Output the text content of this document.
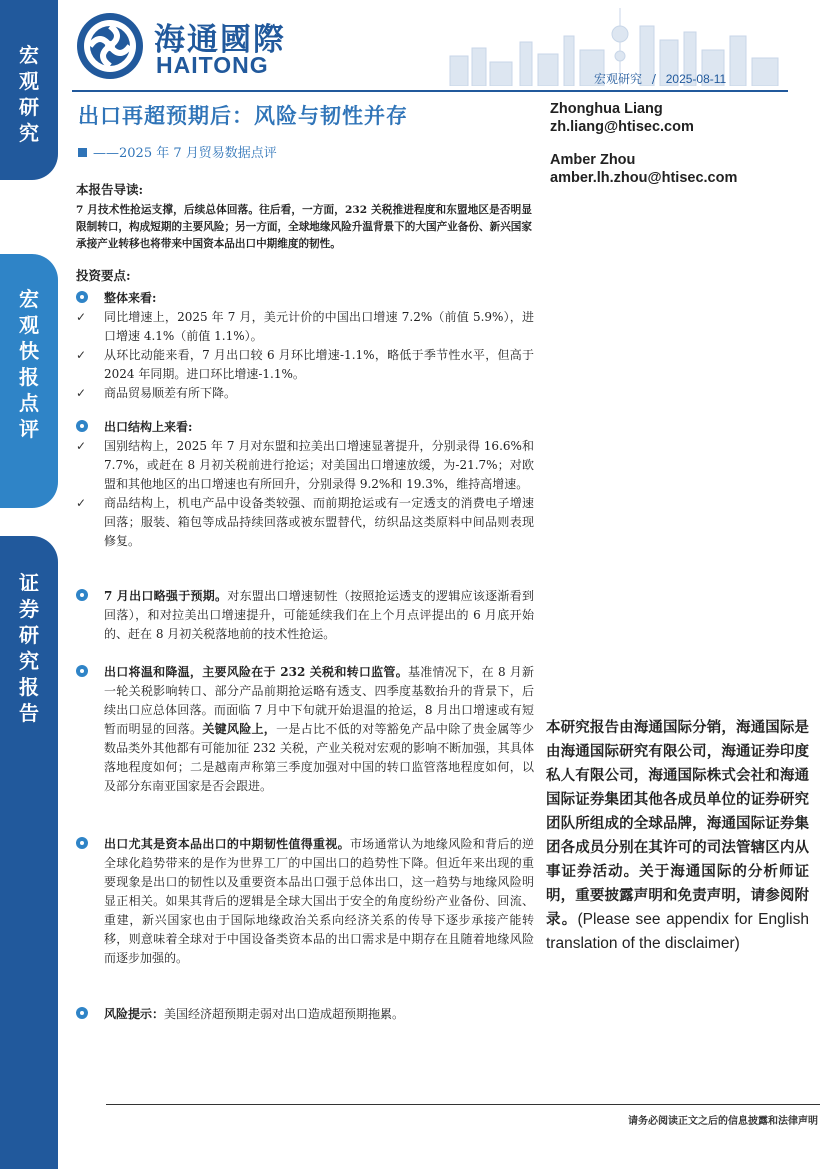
宏
观
研
究
宏
观
快
报
点
评
证
券
研
究
报
告
海通國際
HAITONG
宏观研究 / 2025-08-11
出口再超预期后：风险与韧性并存
——2025 年 7 月贸易数据点评
Zhonghua Liang
zh.liang@htisec.com
Amber Zhou
amber.lh.zhou@htisec.com
本报告导读:
7 月技术性抢运支撑，后续总体回落。往后看，一方面，232 关税推进程度和东盟地区是否明显限制转口，构成短期的主要风险；另一方面，全球地缘风险升温背景下的大国产业备份、新兴国家承接产业转移也将带来中国资本品出口中期维度的韧性。
投资要点:
整体来看:
✓ 同比增速上，2025 年 7 月，美元计价的中国出口增速 7.2%（前值 5.9%），进口增速 4.1%（前值 1.1%）。
✓ 从环比动能来看，7 月出口较 6 月环比增速-1.1%，略低于季节性水平，但高于 2024 年同期。进口环比增速-1.1%。
✓ 商品贸易顺差有所下降。
出口结构上来看:
✓ 国别结构上，2025 年 7 月对东盟和拉美出口增速显著提升，分别录得 16.6%和 7.7%，或赶在 8 月初关税前进行抢运；对美国出口增速放缓，为-21.7%；对欧盟和其他地区的出口增速也有所回升，分别录得 9.2%和 19.3%，维持高增速。
✓ 商品结构上，机电产品中设备类较强、而前期抢运或有一定透支的消费电子增速回落；服装、箱包等成品持续回落或被东盟替代，纺织品这类原料中间品则表现修复。
7 月出口略强于预期。对东盟出口增速韧性（按照抢运透支的逻辑应该逐渐看到回落），和对拉美出口增速提升，可能延续我们在上个月点评提出的 6 月底开始的、赶在 8 月初关税落地前的技术性抢运。
出口将温和降温，主要风险在于 232 关税和转口监管。基准情况下，在 8 月新一轮关税影响转口、部分产品前期抢运略有透支、四季度基数抬升的背景下，后续出口应总体回落。而面临 7 月中下旬就开始退温的抢运，8 月出口增速或有短暂而明显的回落。关键风险上，一是占比不低的对等豁免产品中除了贵金属等少数品类外其他都有可能加征 232 关税，产业关税对宏观的影响不断加强，其具体落地程度如何；二是越南声称第三季度加强对中国的转口监管落地程度如何，以及部分东南亚国家是否会跟进。
出口尤其是资本品出口的中期韧性值得重视。市场通常认为地缘风险和背后的逆全球化趋势带来的是作为世界工厂的中国出口的趋势性下降。但近年来出现的重要现象是出口的韧性以及重要资本品出口强于总体出口，这一趋势与地缘风险明显正相关。如果其背后的逻辑是全球大国出于安全的角度纷纷产业备份、回流、重建，新兴国家也由于国际地缘政治关系向经济关系的传导下逐步承接产能转移，则意味着全球对于中国设备类资本品的出口需求是中期存在且随着地缘风险而逐步加强的。
风险提示：美国经济超预期走弱对出口造成超预期拖累。
本研究报告由海通国际分销，海通国际是由海通国际研究有限公司，海通证券印度私人有限公司，海通国际株式会社和海通国际证券集团其他各成员单位的证券研究团队所组成的全球品牌，海通国际证券集团各成员分别在其许可的司法管辖区内从事证券活动。关于海通国际的分析师证明，重要披露声明和免责声明，请参阅附录。(Please see appendix for English translation of the disclaimer)
请务必阅读正文之后的信息披露和法律声明
